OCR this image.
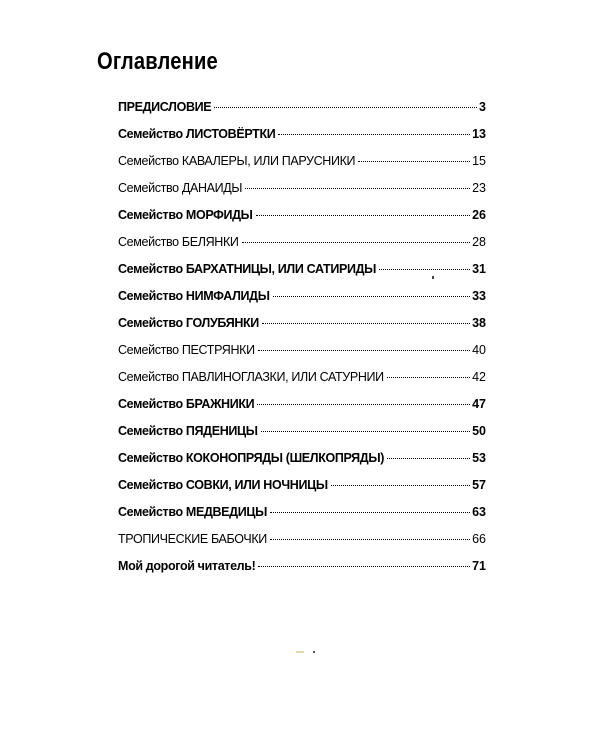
Оглавление
ПРЕДИСЛОВИЕ	3
Семейство ЛИСТОВЁРТКИ	13
Семейство КАВАЛЕРЫ, ИЛИ ПАРУСНИКИ	15
Семейство ДАНАИДЫ	23
Семейство МОРФИДЫ	26
Семейство БЕЛЯНКИ	28
Семейство БАРХАТНИЦЫ, ИЛИ САТИРИДЫ	31
Семейство НИМФАЛИДЫ	33
Семейство ГОЛУБЯНКИ	38
Семейство ПЕСТРЯНКИ	40
Семейство ПАВЛИНОГЛАЗКИ, ИЛИ САТУРНИИ	42
Семейство БРАЖНИКИ	47
Семейство ПЯДЕНИЦЫ	50
Семейство КОКОНОПРЯДЫ (ШЕЛКОПРЯДЫ)	53
Семейство СОВКИ, ИЛИ НОЧНИЦЫ	57
Семейство МЕДВЕДИЦЫ	63
ТРОПИЧЕСКИЕ БАБОЧКИ	66
Мой дорогой читатель!	71
